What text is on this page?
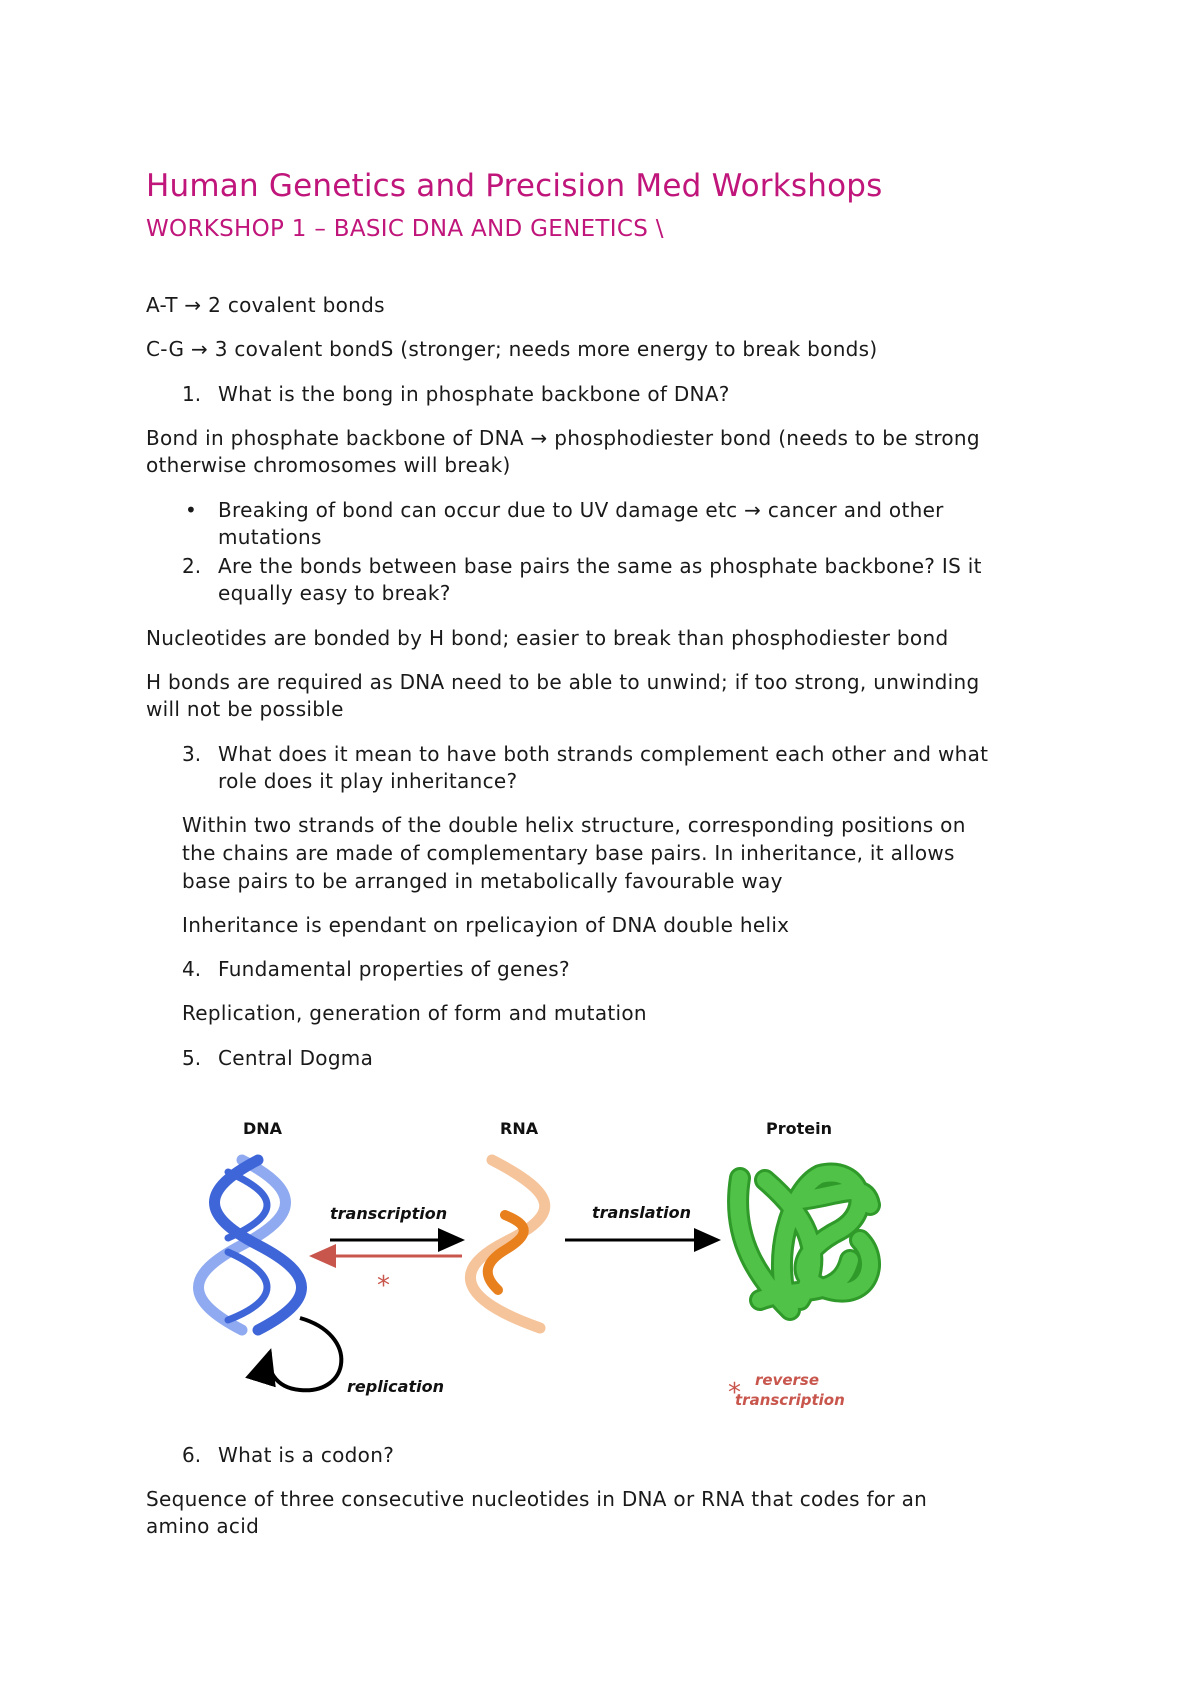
Human Genetics and Precision Med Workshops
WORKSHOP 1 – BASIC DNA AND GENETICS \

A-T → 2 covalent bonds

C-G → 3 covalent bondS (stronger; needs more energy to break bonds)

1. What is the bong in phosphate backbone of DNA?

Bond in phosphate backbone of DNA → phosphodiester bond (needs to be strong

otherwise chromosomes will break)

• Breaking of bond can occur due to UV damage etc → cancer and other

mutations

2. Are the bonds between base pairs the same as phosphate backbone? IS it

equally easy to break?

Nucleotides are bonded by H bond; easier to break than phosphodiester bond

H bonds are required as DNA need to be able to unwind; if too strong, unwinding

will not be possible

3. What does it mean to have both strands complement each other and what

role does it play inheritance?

Within two strands of the double helix structure, corresponding positions on

the chains are made of complementary base pairs. In inheritance, it allows

base pairs to be arranged in metabolically favourable way

Inheritance is ependant on rpelicayion of DNA double helix

4. Fundamental properties of genes?

Replication, generation of form and mutation

5. Central Dogma

DNA	RNA	Protein
replication
transcription
*
translation
* reverse
transcription
6. What is a codon?

Sequence of three consecutive nucleotides in DNA or RNA that codes for an

amino acid
